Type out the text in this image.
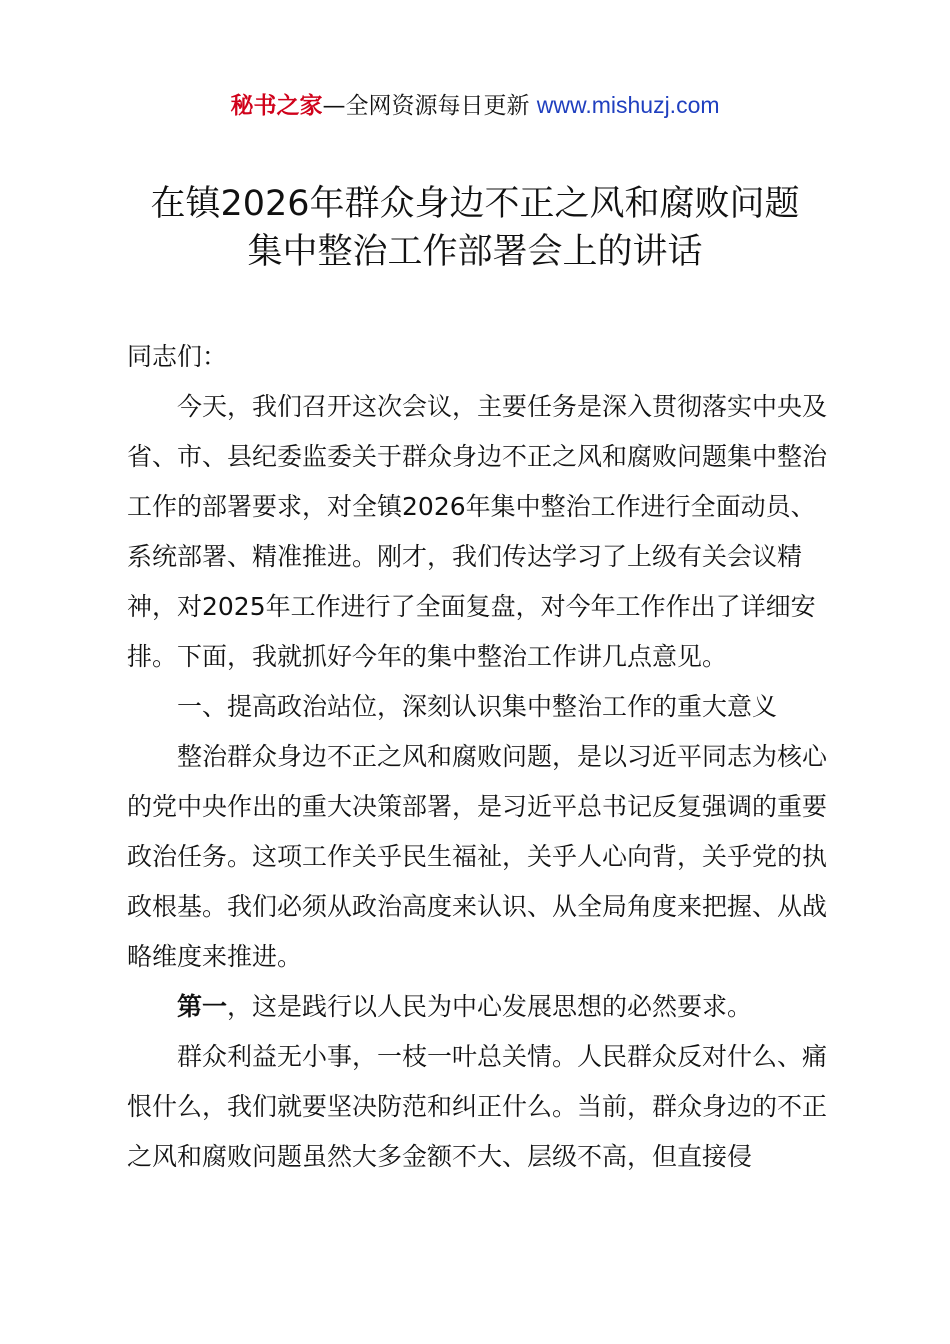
秘书之家—全网资源每日更新 www.mishuzj.com
在镇2026年群众身边不正之风和腐败问题
集中整治工作部署会上的讲话

同志们：

今天，我们召开这次会议，主要任务是深入贯彻落实中央及省、市、县纪委监委关于群众身边不正之风和腐败问题集中整治工作的部署要求，对全镇2026年集中整治工作进行全面动员、系统部署、精准推进。刚才，我们传达学习了上级有关会议精神，对2025年工作进行了全面复盘，对今年工作作出了详细安排。下面，我就抓好今年的集中整治工作讲几点意见。

一、提高政治站位，深刻认识集中整治工作的重大意义

整治群众身边不正之风和腐败问题，是以习近平同志为核心的党中央作出的重大决策部署，是习近平总书记反复强调的重要政治任务。这项工作关乎民生福祉，关乎人心向背，关乎党的执政根基。我们必须从政治高度来认识、从全局角度来把握、从战略维度来推进。

第一，这是践行以人民为中心发展思想的必然要求。

群众利益无小事，一枝一叶总关情。人民群众反对什么、痛恨什么，我们就要坚决防范和纠正什么。当前，群众身边的不正之风和腐败问题虽然大多金额不大、层级不高，但直接侵
